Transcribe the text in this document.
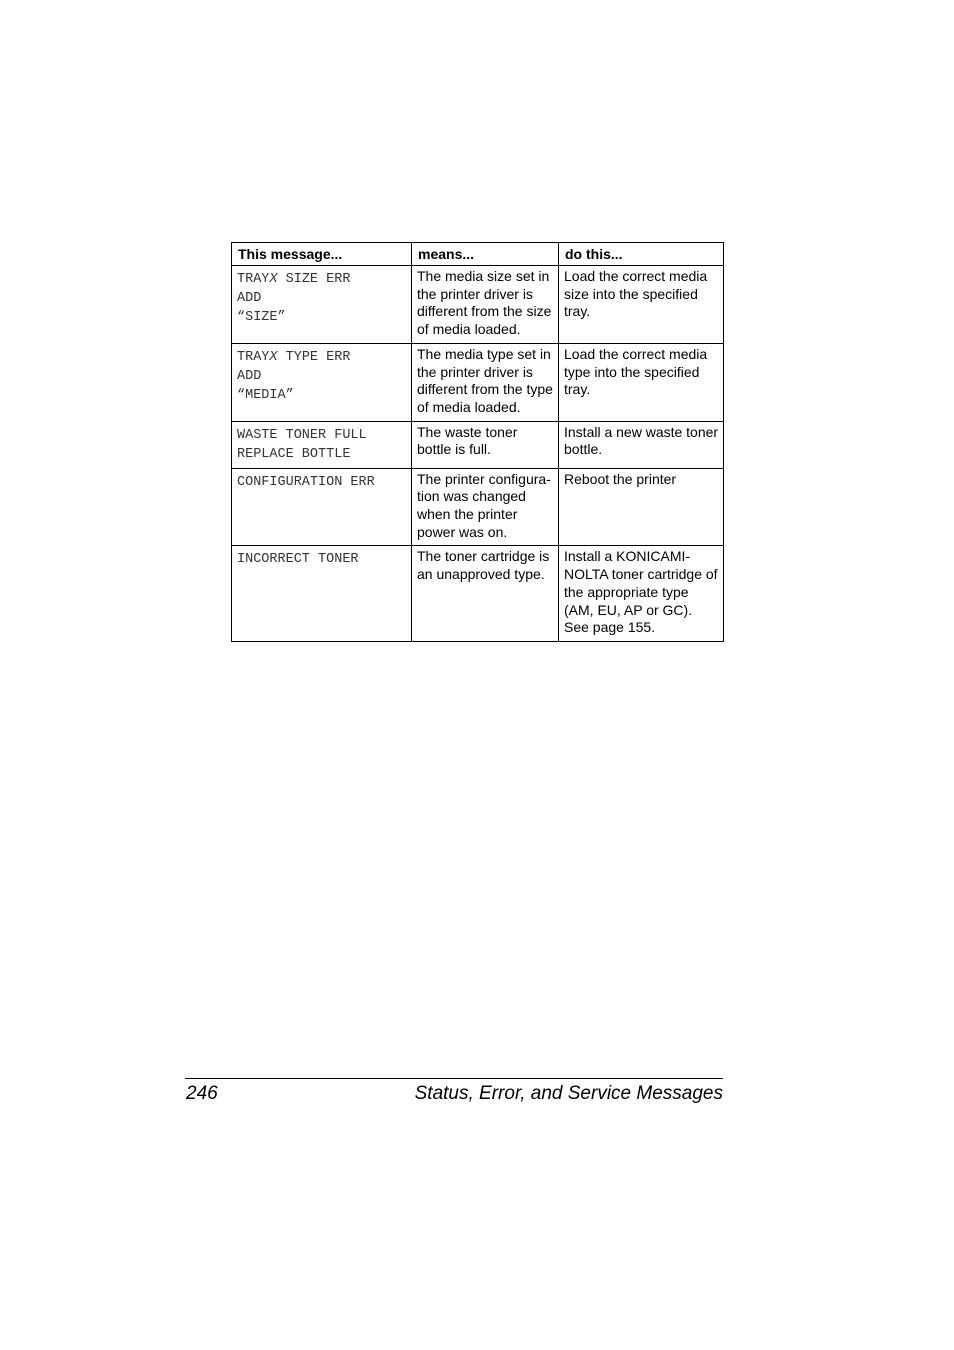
This message...	means...	do this...

TRAYX SIZE ERR
ADD
“SIZE”	The media size set in the printer driver is different from the size of media loaded.	Load the correct media size into the specified tray.

TRAYX TYPE ERR
ADD
“MEDIA”	The media type set in the printer driver is different from the type of media loaded.	Load the correct media type into the specified tray.

WASTE TONER FULL
REPLACE BOTTLE	The waste toner bottle is full.	Install a new waste toner bottle.

CONFIGURATION ERR	The printer configura-tion was changed when the printer power was on.	Reboot the printer

INCORRECT TONER	The toner cartridge is an unapproved type.	Install a KONICAMI-NOLTA toner cartridge of the appropriate type (AM, EU, AP or GC). See page 155.
246	Status, Error, and Service Messages
